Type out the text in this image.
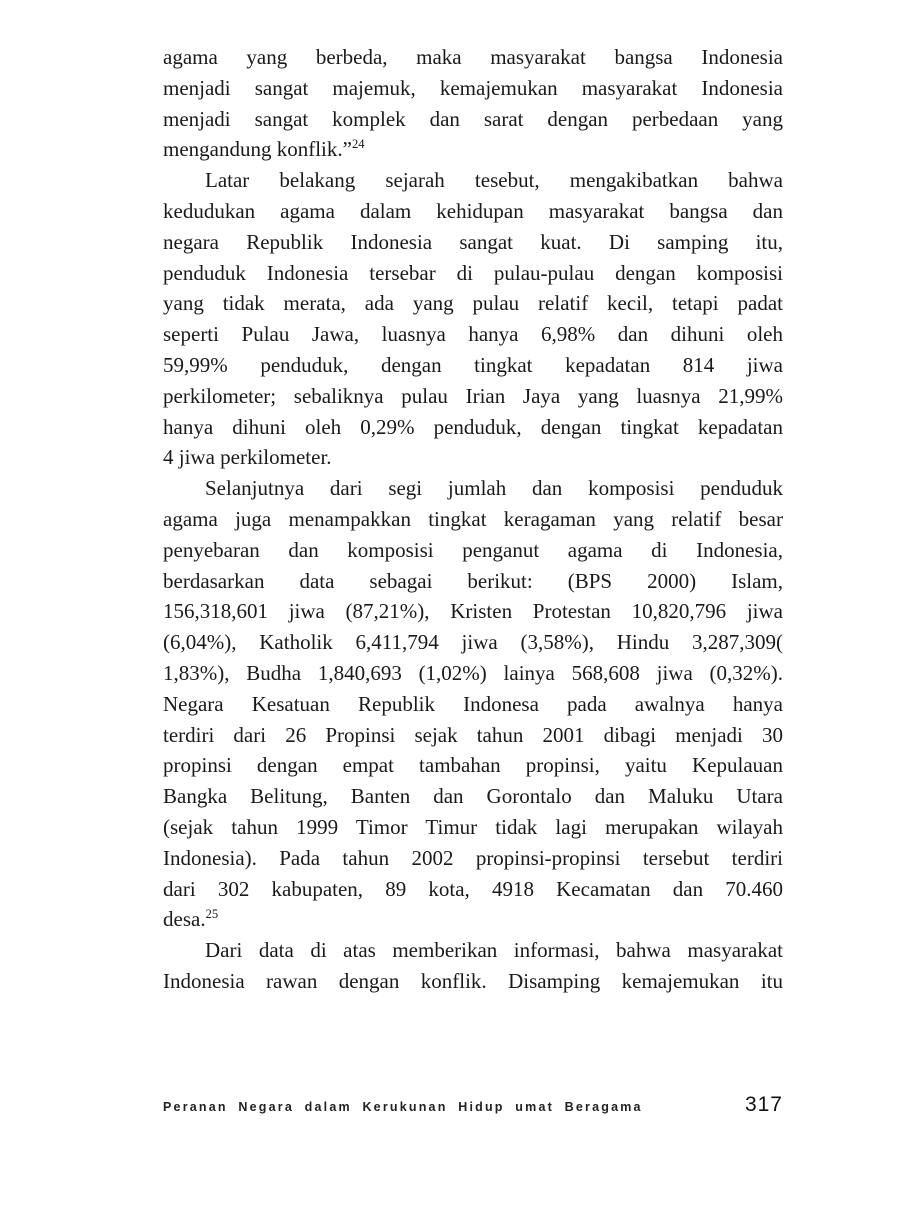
agama yang berbeda, maka masyarakat bangsa Indonesia
menjadi sangat majemuk, kemajemukan masyarakat Indonesia
menjadi sangat komplek dan sarat dengan perbedaan yang
mengandung konflik.”$^{24}$
Latar belakang sejarah tesebut, mengakibatkan bahwa
kedudukan agama dalam kehidupan masyarakat bangsa dan
negara Republik Indonesia sangat kuat. Di samping itu,
penduduk Indonesia tersebar di pulau-pulau dengan komposisi
yang tidak merata, ada yang pulau relatif kecil, tetapi padat
seperti Pulau Jawa, luasnya hanya 6,98% dan dihuni oleh
59,99% penduduk, dengan tingkat kepadatan 814 jiwa
perkilometer; sebaliknya pulau Irian Jaya yang luasnya 21,99%
hanya dihuni oleh 0,29% penduduk, dengan tingkat kepadatan
4 jiwa perkilometer.
Selanjutnya dari segi jumlah dan komposisi penduduk
agama juga menampakkan tingkat keragaman yang relatif besar
penyebaran dan komposisi penganut agama di Indonesia,
berdasarkan data sebagai berikut: (BPS 2000) Islam,
156,318,601 jiwa (87,21%), Kristen Protestan 10,820,796 jiwa
(6,04%), Katholik 6,411,794 jiwa (3,58%), Hindu 3,287,309(
1,83%), Budha 1,840,693 (1,02%) lainya 568,608 jiwa (0,32%).
Negara Kesatuan Republik Indonesa pada awalnya hanya
terdiri dari 26 Propinsi sejak tahun 2001 dibagi menjadi 30
propinsi dengan empat tambahan propinsi, yaitu Kepulauan
Bangka Belitung, Banten dan Gorontalo dan Maluku Utara
(sejak tahun 1999 Timor Timur tidak lagi merupakan wilayah
Indonesia). Pada tahun 2002 propinsi-propinsi tersebut terdiri
dari 302 kabupaten, 89 kota, 4918 Kecamatan dan 70.460
desa.$^{25}$
Dari data di atas memberikan informasi, bahwa masyarakat
Indonesia rawan dengan konflik. Disamping kemajemukan itu
Peranan Negara dalam Kerukunan Hidup umat Beragama	317
